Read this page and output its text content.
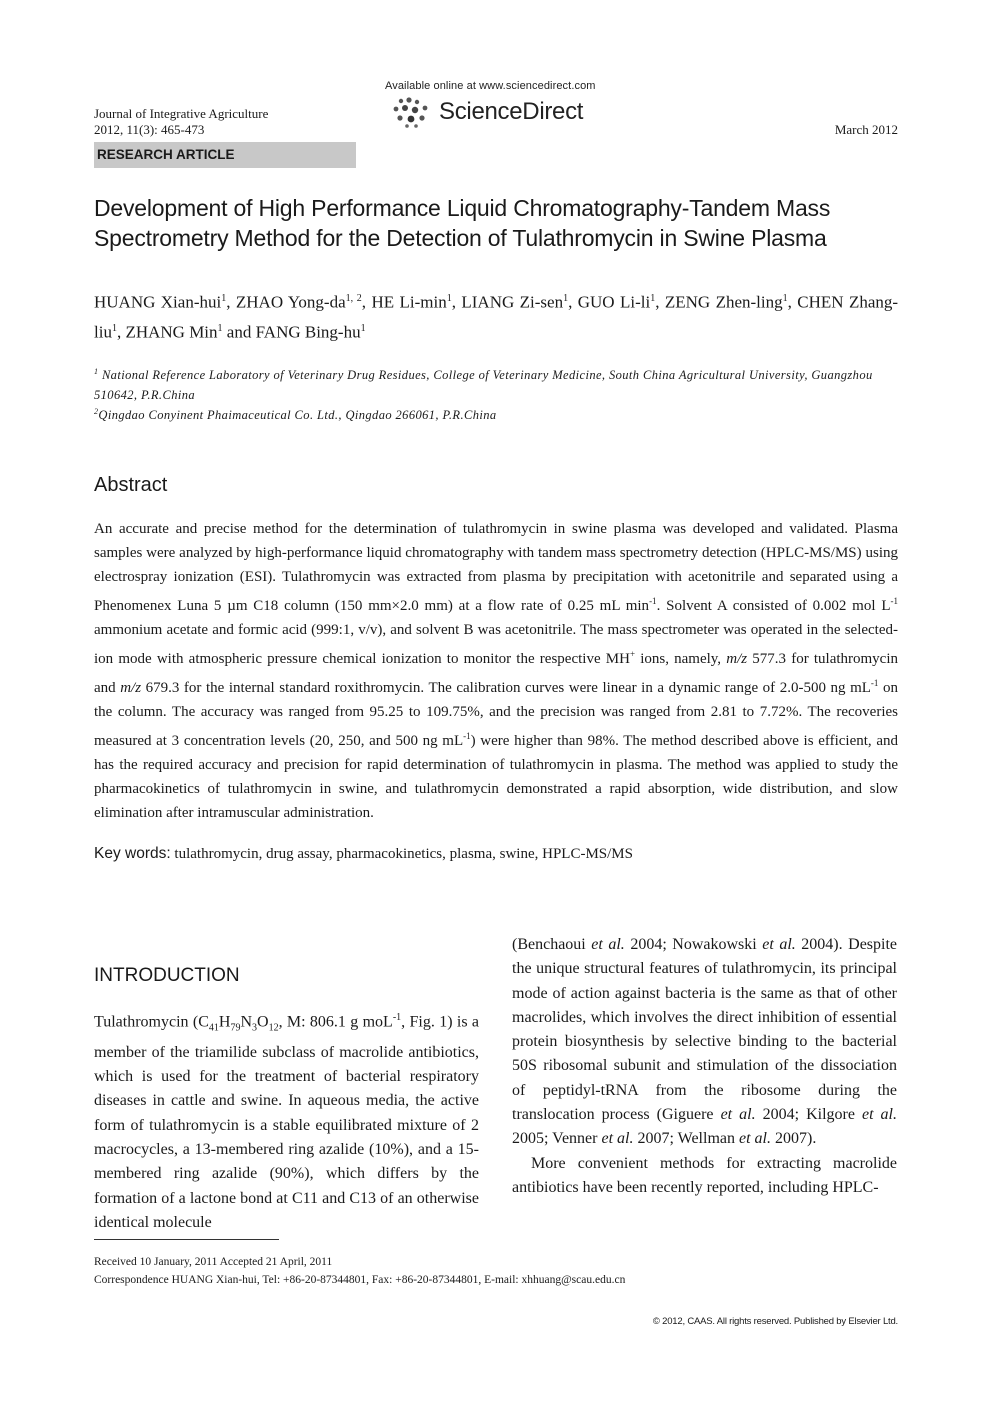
Journal of Integrative Agriculture
2012, 11(3): 465-473
Available online at www.sciencedirect.com
ScienceDirect
March 2012
RESEARCH ARTICLE
Development of High Performance Liquid Chromatography-Tandem Mass Spectrometry Method for the Detection of Tulathromycin in Swine Plasma
HUANG Xian-hui$^1$, ZHAO Yong-da$^{1, 2}$, HE $Li-\min^1$, LIANG Zi-sen$^1$, GUO $Li-li^1$, ZENG Zhen-ling$^1$, CHEN Zhang-liu$^1$, ZHANG Min$^1$ and FANG Bing-$hu^1$
$^1$ National Reference Laboratory of Veterinary Drug Residues, College of Veterinary Medicine, South China Agricultural University, Guangzhou 510642, P.R.China
$^2$Qingdao Conyinent Phaimaceutical Co. Ltd., Qingdao 266061, P.R.China
Abstract
An accurate and precise method for the determination of tulathromycin in swine plasma was developed and validated. Plasma samples were analyzed by high-performance liquid chromatography with tandem mass spectrometry detection (HPLC-MS/MS) using electrospray ionization (ESI). Tulathromycin was extracted from plasma by precipitation with acetonitrile and separated using a Phenomenex Luna 5 µm C18 column (150 mm×2.0 mm) at a flow rate of 0.25 mL $\min^{-1}$. Solvent A consisted of 0.002 mol $L^{-1}$ ammonium acetate and formic acid (999:1, v/v), and solvent B was acetonitrile. The mass spectrometer was operated in the selected-ion mode with atmospheric pressure chemical ionization to monitor the respective MH+ ions, namely, m/z 577.3 for tulathromycin and m/z 679.3 for the internal standard roxithromycin. The calibration curves were linear in a dynamic range of 2.0-500 ng $mL^{-1}$ on the column. The accuracy was ranged from 95.25 to 109.75%, and the precision was ranged from 2.81 to 7.72%. The recoveries measured at 3 concentration levels (20, 250, and 500 ng $mL^{-1}$) were higher than 98%. The method described above is efficient, and has the required accuracy and precision for rapid determination of tulathromycin in plasma. The method was applied to study the pharmacokinetics of tulathromycin in swine, and tulathromycin demonstrated a rapid absorption, wide distribution, and slow elimination after intramuscular administration.
Key words: tulathromycin, drug assay, pharmacokinetics, plasma, swine, HPLC-MS/MS
INTRODUCTION
Tulathromycin ($C_{41}H_{79}N_3O_{12}$, M: 806.1 g moL$^{-1}$, Fig. 1) is a member of the triamilide subclass of macrolide antibiotics, which is used for the treatment of bacterial respiratory diseases in cattle and swine. In aqueous media, the active form of tulathromycin is a stable equilibrated mixture of 2 macrocycles, a 13-membered ring azalide (10%), and a 15-membered ring azalide (90%), which differs by the formation of a lactone bond at C11 and C13 of an otherwise identical molecule

(Benchaoui et al. 2004; Nowakowski et al. 2004). Despite the unique structural features of tulathromycin, its principal mode of action against bacteria is the same as that of other macrolides, which involves the direct inhibition of essential protein biosynthesis by selective binding to the bacterial 50S ribosomal subunit and stimulation of the dissociation of peptidyl-tRNA from the ribosome during the translocation process (Giguere et al. 2004; Kilgore et al. 2005; Venner et al. 2007; Wellman et al. 2007).

More convenient methods for extracting macrolide antibiotics have been recently reported, including HPLC-

Received 10 January, 2011 Accepted 21 April, 2011
Correspondence HUANG Xian-hui, Tel: +86-20-87344801, Fax: +86-20-87344801, E-mail: xhhuang@scau.edu.cn
© 2012, CAAS. All rights reserved. Published by Elsevier Ltd.
